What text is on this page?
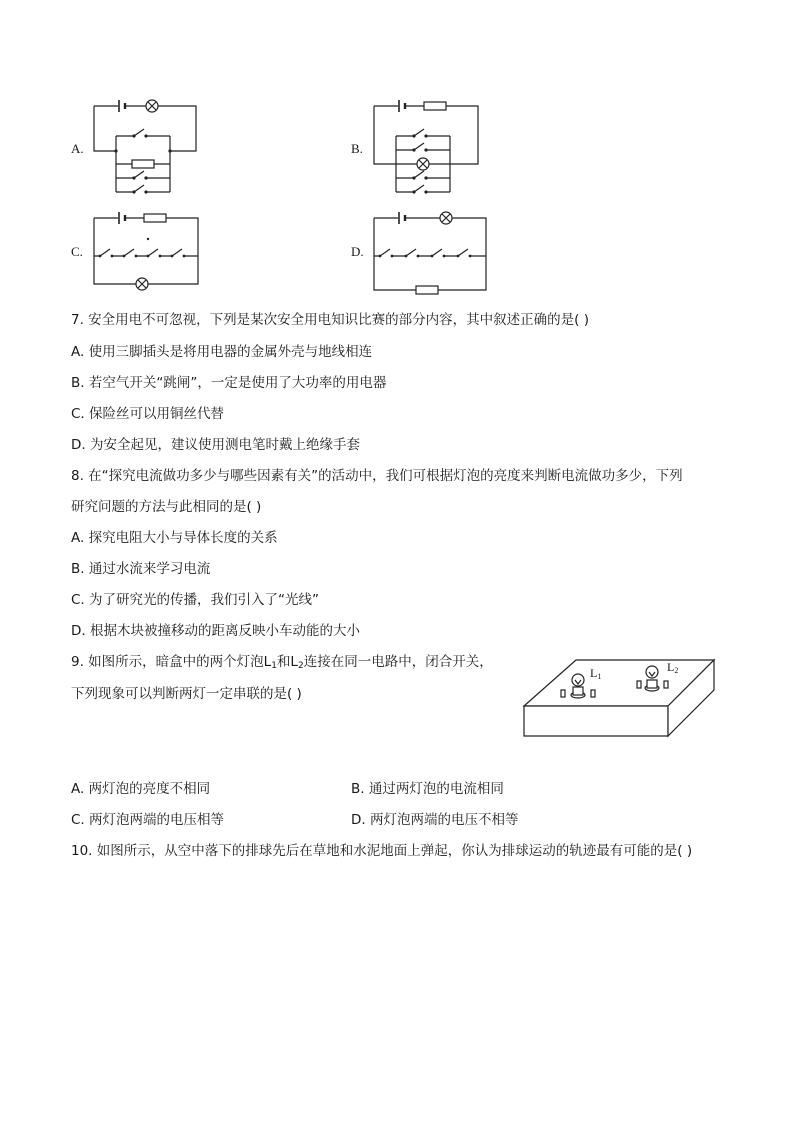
A.	B.
C.	D.
7. 安全用电不可忽视，下列是某次安全用电知识比赛的部分内容，其中叙述正确的是( )
A. 使用三脚插头是将用电器的金属外壳与地线相连
B. 若空气开关“跳闸”，一定是使用了大功率的用电器
C. 保险丝可以用铜丝代替
D. 为安全起见，建议使用测电笔时戴上绝缘手套
8. 在“探究电流做功多少与哪些因素有关”的活动中，我们可根据灯泡的亮度来判断电流做功多少，下列
研究问题的方法与此相同的是( )
A. 探究电阻大小与导体长度的关系
B. 通过水流来学习电流
C. 为了研究光的传播，我们引入了“光线”
D. 根据木块被撞移动的距离反映小车动能的大小
9. 如图所示，暗盒中的两个灯泡$L_1$和$L_2$连接在同一电路中，闭合开关，
下列现象可以判断两灯一定串联的是( )
$L_1$
$L_2$
A. 两灯泡的亮度不相同	B. 通过两灯泡的电流相同
C. 两灯泡两端的电压相等	D. 两灯泡两端的电压不相等
10. 如图所示，从空中落下的排球先后在草地和水泥地面上弹起，你认为排球运动的轨迹最有可能的是( )
